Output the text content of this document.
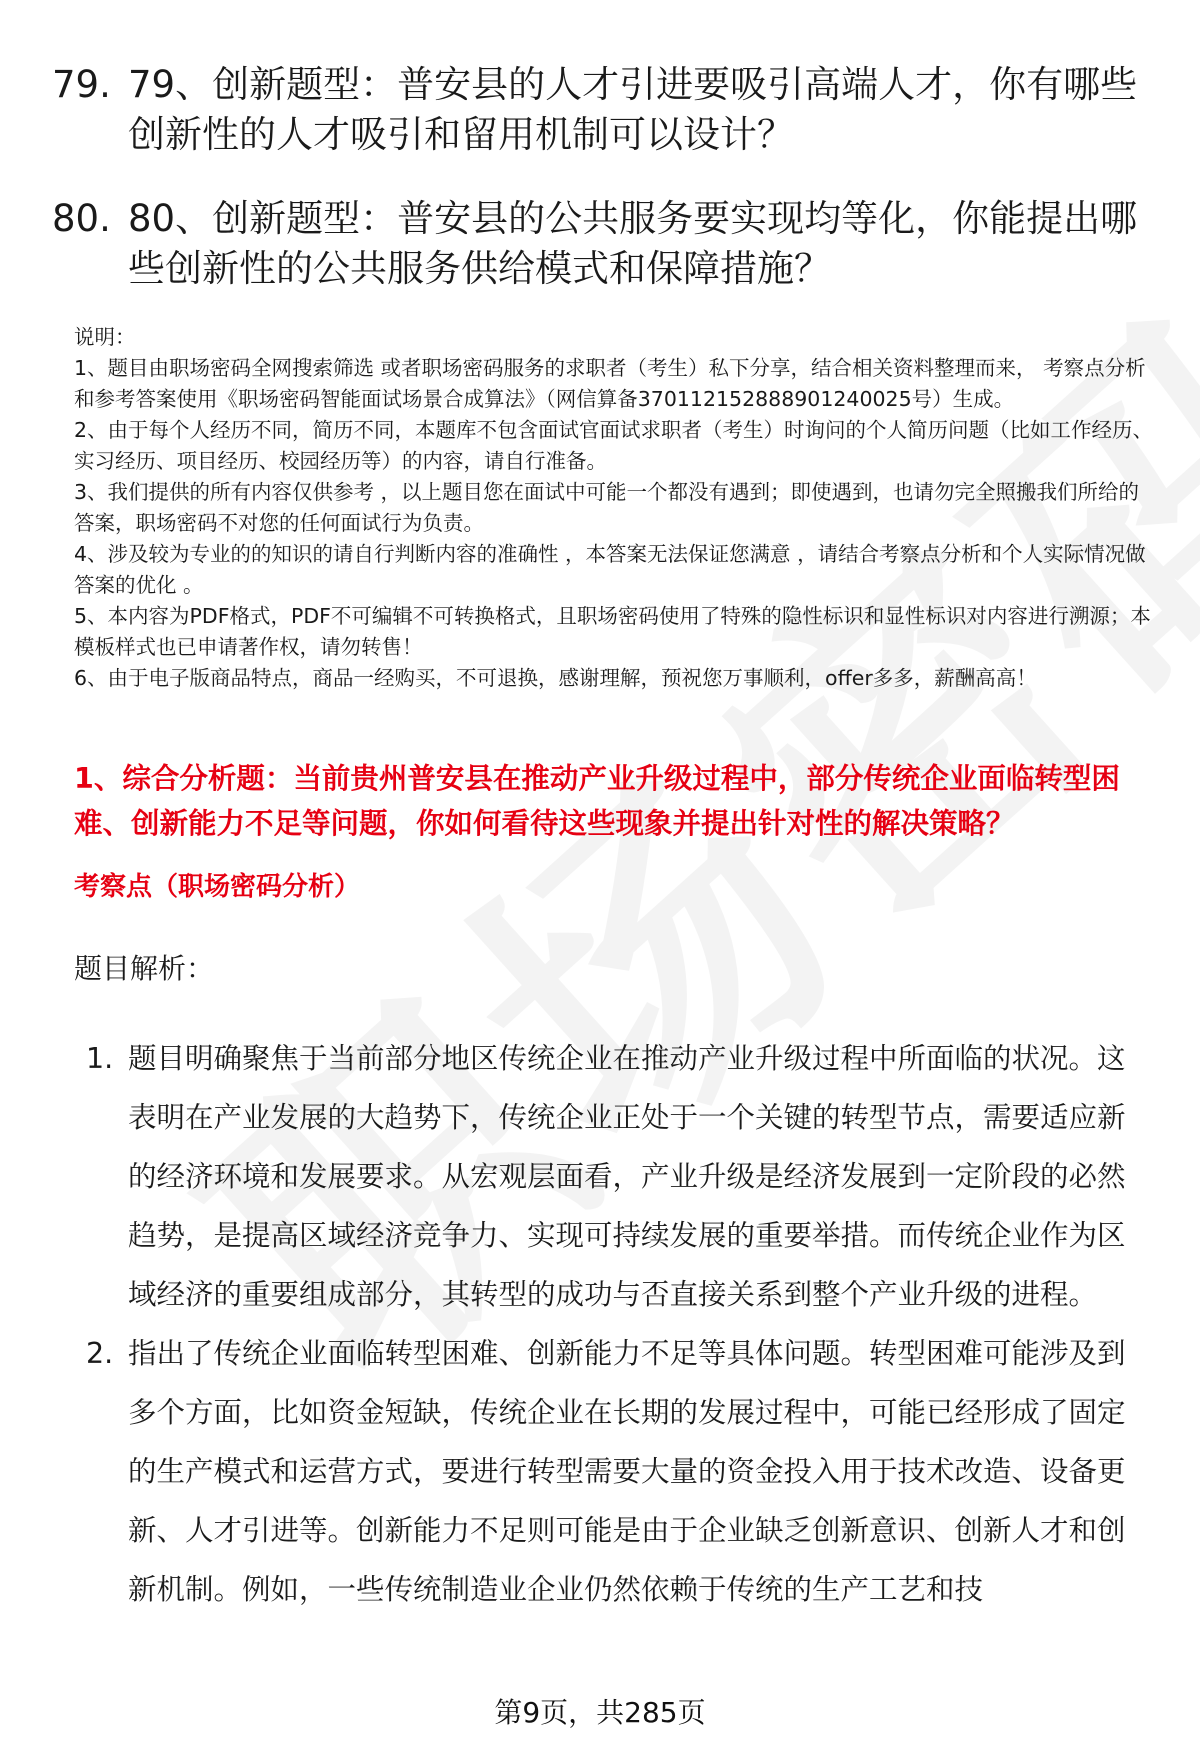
79. 79、创新题型：普安县的人才引进要吸引高端人才，你有哪些创新性的人才吸引和留用机制可以设计？
80. 80、创新题型：普安县的公共服务要实现均等化，你能提出哪些创新性的公共服务供给模式和保障措施？

说明：

1、题目由职场密码全网搜索筛选 或者职场密码服务的求职者（考生）私下分享，结合相关资料整理而来， 考察点分析和参考答案使用《职场密码智能面试场景合成算法》（网信算备370112152888901240025号）生成。

2、由于每个人经历不同，简历不同，本题库不包含面试官面试求职者（考生）时询问的个人简历问题（比如工作经历、实习经历、项目经历、校园经历等）的内容，请自行准备。

3、我们提供的所有内容仅供参考 ，以上题目您在面试中可能一个都没有遇到；即使遇到，也请勿完全照搬我们所给的答案，职场密码不对您的任何面试行为负责。

4、涉及较为专业的的知识的请自行判断内容的准确性 ，本答案无法保证您满意 ，请结合考察点分析和个人实际情况做答案的优化 。

5、本内容为PDF格式，PDF不可编辑不可转换格式，且职场密码使用了特殊的隐性标识和显性标识对内容进行溯源；本模板样式也已申请著作权，请勿转售！

6、由于电子版商品特点，商品一经购买，不可退换，感谢理解，预祝您万事顺利，offer多多，薪酬高高！

1、综合分析题：当前贵州普安县在推动产业升级过程中，部分传统企业面临转型困难、创新能力不足等问题，你如何看待这些现象并提出针对性的解决策略？
考察点（职场密码分析）
题目解析：
1. 题目明确聚焦于当前部分地区传统企业在推动产业升级过程中所面临的状况。这表明在产业发展的大趋势下，传统企业正处于一个关键的转型节点，需要适应新的经济环境和发展要求。从宏观层面看，产业升级是经济发展到一定阶段的必然趋势，是提高区域经济竞争力、实现可持续发展的重要举措。而传统企业作为区域经济的重要组成部分，其转型的成功与否直接关系到整个产业升级的进程。
2. 指出了传统企业面临转型困难、创新能力不足等具体问题。转型困难可能涉及到多个方面，比如资金短缺，传统企业在长期的发展过程中，可能已经形成了固定的生产模式和运营方式，要进行转型需要大量的资金投入用于技术改造、设备更新、人才引进等。创新能力不足则可能是由于企业缺乏创新意识、创新人才和创新机制。例如，一些传统制造业企业仍然依赖于传统的生产工艺和技
第9页，共285页
